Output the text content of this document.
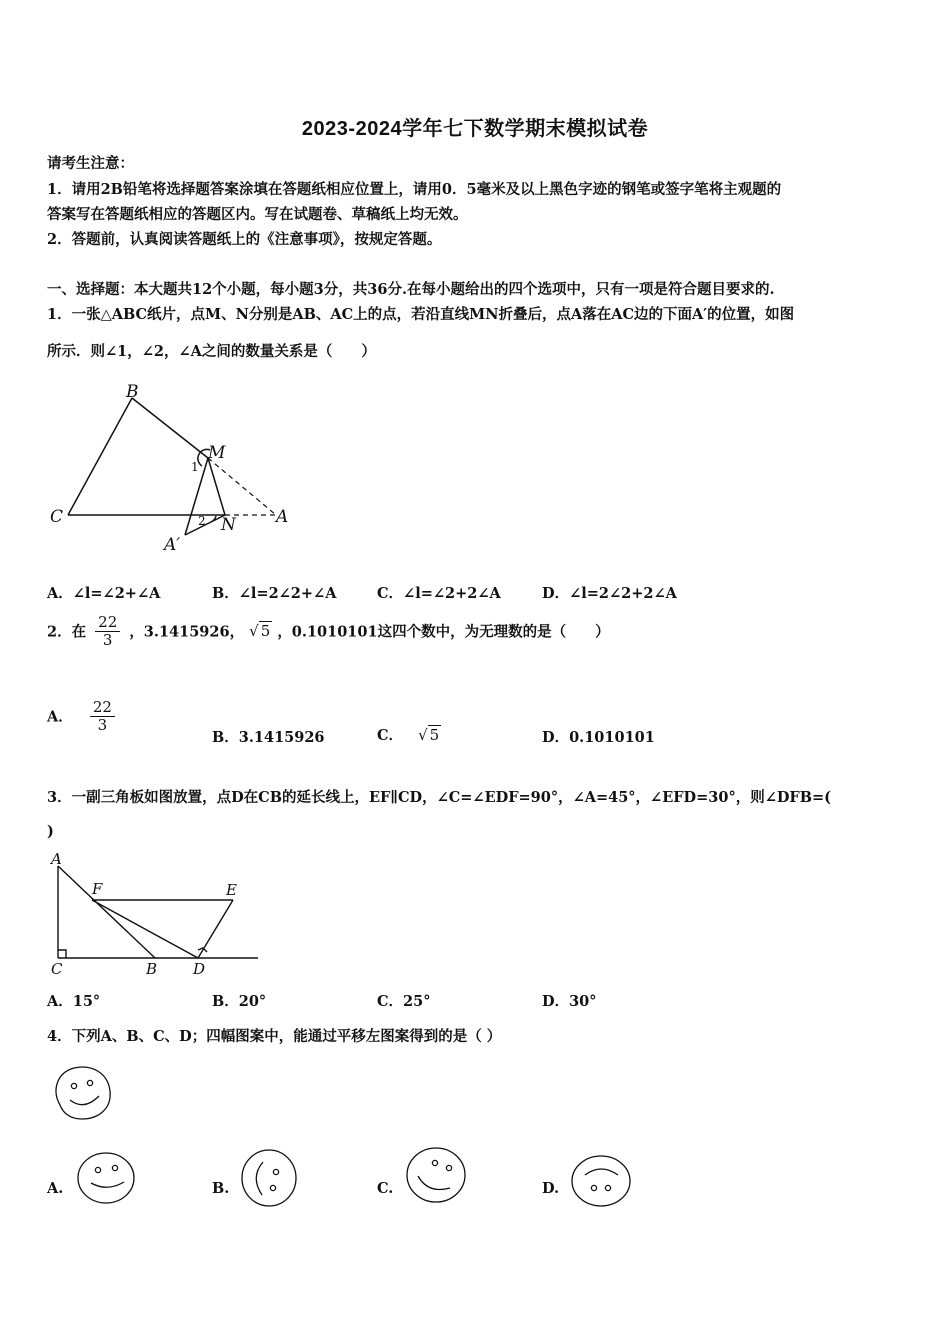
2023-2024学年七下数学期末模拟试卷
请考生注意：
1．请用2B铅笔将选择题答案涂填在答题纸相应位置上，请用0．5毫米及以上黑色字迹的钢笔或签字笔将主观题的
答案写在答题纸相应的答题区内。写在试题卷、草稿纸上均无效。
2．答题前，认真阅读答题纸上的《注意事项》，按规定答题。
一、选择题：本大题共12个小题，每小题3分，共36分.在每小题给出的四个选项中，只有一项是符合题目要求的.
1．一张△ABC纸片，点M、N分别是AB、AC上的点，若沿直线MN折叠后，点A落在AC边的下面A′的位置，如图
所示．则∠1，∠2，∠A之间的数量关系是（　　）
B
C
M
N A
A′
1
2
A．∠l=∠2+∠A	B．∠l=2∠2+∠A	C．∠l=∠2+2∠A	D．∠l=2∠2+2∠A
2．在 $\frac{22}{3}$ ，3.1415926， √ 5 ，0.1010101这四个数中，为无理数的是（　　）
A． $\frac{22}{3}$
B．3.1415926	C． √ 5	D．0.1010101
3．一副三角板如图放置，点D在CB的延长线上，EF∥CD，∠C=∠EDF=90°，∠A=45°，∠EFD=30°，则∠DFB=(
)
A
F	E
C	B D
A．15°	B．20°	C．25°	D．30°
4．下列A、B、C、D；四幅图案中，能通过平移左图案得到的是（ ）
A.	B.	C.	D.
